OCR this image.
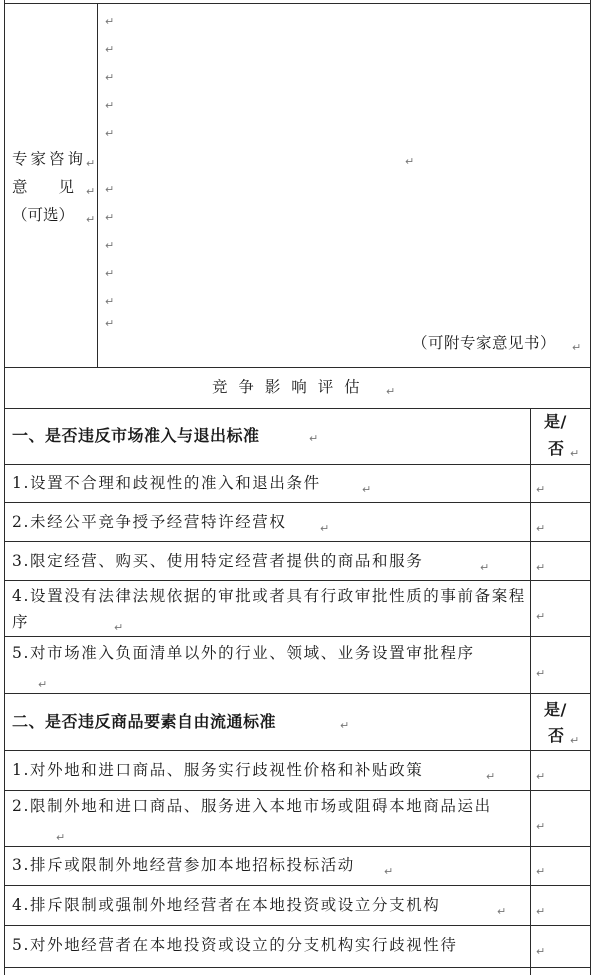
专家咨询 ↵
意　　见 ↵
（可选） ↵
↵
↵
↵
↵
↵
↵
↵
↵
↵
↵
↵
↵
（可附专家意见书） ↵
竞 争 影 响 评 估 ↵
一、是否违反市场准入与退出标准	↵
是/
否 ↵
1.设置不合理和歧视性的准入和退出条件	↵	↵
2.未经公平竞争授予经营特许经营权	↵	↵
3.限定经营、购买、使用特定经营者提供的商品和服务	↵	↵
4.设置没有法律法规依据的审批或者具有行政审批性质的事前备案程序	↵
↵
5.对市场准入负面清单以外的行业、领域、业务设置审批程序
↵
↵
二、是否违反商品要素自由流通标准	↵
是/
否 ↵
1.对外地和进口商品、服务实行歧视性价格和补贴政策	↵	↵
2.限制外地和进口商品、服务进入本地市场或阻碍本地商品运出
↵
↵
3.排斥或限制外地经营参加本地招标投标活动	↵	↵
4.排斥限制或强制外地经营者在本地投资或设立分支机构	↵	↵
5.对外地经营者在本地投资或设立的分支机构实行歧视性待	↵
